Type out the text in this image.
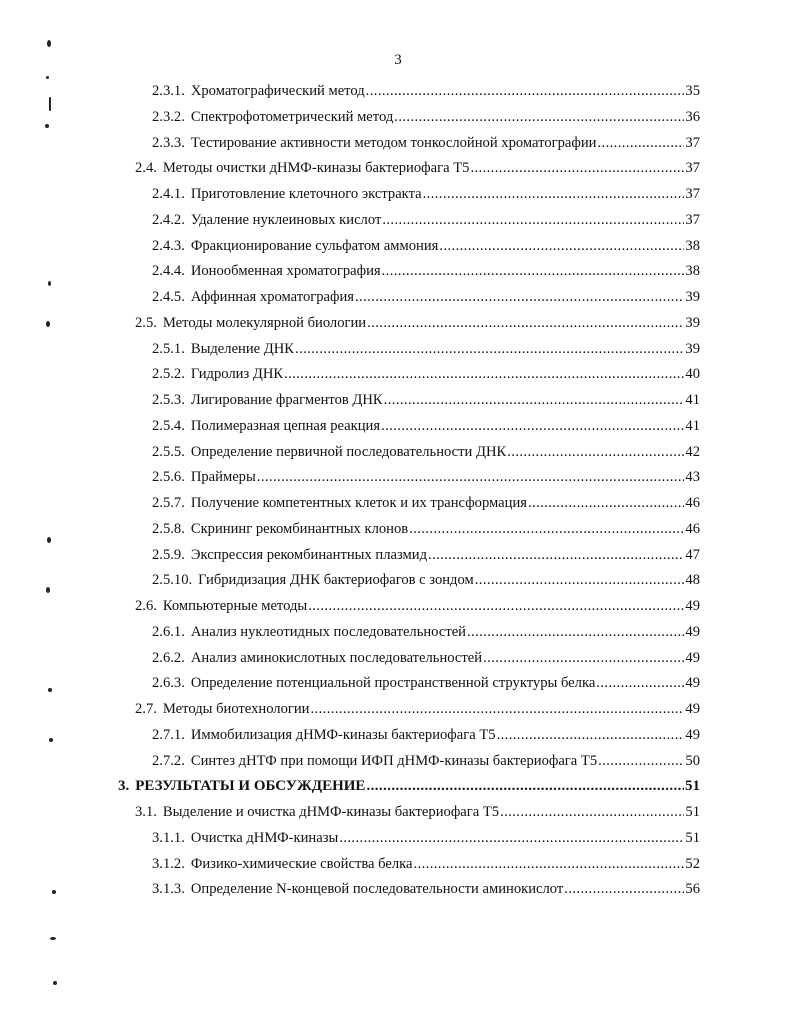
3
2.3.1. Хроматографический метод .....	35
2.3.2. Спектрофотометрический метод .....	36
2.3.3. Тестирование активности методом тонкослойной хроматографии .....	37
2.4. Методы очистки дНМФ-киназы бактериофага Т5 .....	37
2.4.1. Приготовление клеточного экстракта .....	37
2.4.2. Удаление нуклеиновых кислот .....	37
2.4.3. Фракционирование сульфатом аммония .....	38
2.4.4. Ионообменная хроматография .....	38
2.4.5. Аффинная хроматография .....	39
2.5. Методы молекулярной биологии .....	39
2.5.1. Выделение ДНК .....	39
2.5.2. Гидролиз ДНК .....	40
2.5.3. Лигирование фрагментов ДНК .....	41
2.5.4. Полимеразная цепная реакция .....	41
2.5.5. Определение первичной последовательности ДНК .....	42
2.5.6. Праймеры .....	43
2.5.7. Получение компетентных клеток и их трансформация .....	46
2.5.8. Скрининг рекомбинантных клонов .....	46
2.5.9. Экспрессия рекомбинантных плазмид .....	47
2.5.10. Гибридизация ДНК бактериофагов с зондом .....	48
2.6. Компьютерные методы .....	49
2.6.1. Анализ нуклеотидных последовательностей .....	49
2.6.2. Анализ аминокислотных последовательностей .....	49
2.6.3. Определение потенциальной пространственной структуры белка .....	49
2.7. Методы биотехнологии .....	49
2.7.1. Иммобилизация дНМФ-киназы бактериофага Т5 .....	49
2.7.2. Синтез дНТФ при помощи ИФП дНМФ-киназы бактериофага Т5 .....	50
3. РЕЗУЛЬТАТЫ И ОБСУЖДЕНИЕ .....	51
3.1. Выделение и очистка дНМФ-киназы бактериофага Т5 .....	51
3.1.1. Очистка дНМФ-киназы .....	51
3.1.2. Физико-химические свойства белка .....	52
3.1.3. Определение N-концевой последовательности аминокислот .....	56
